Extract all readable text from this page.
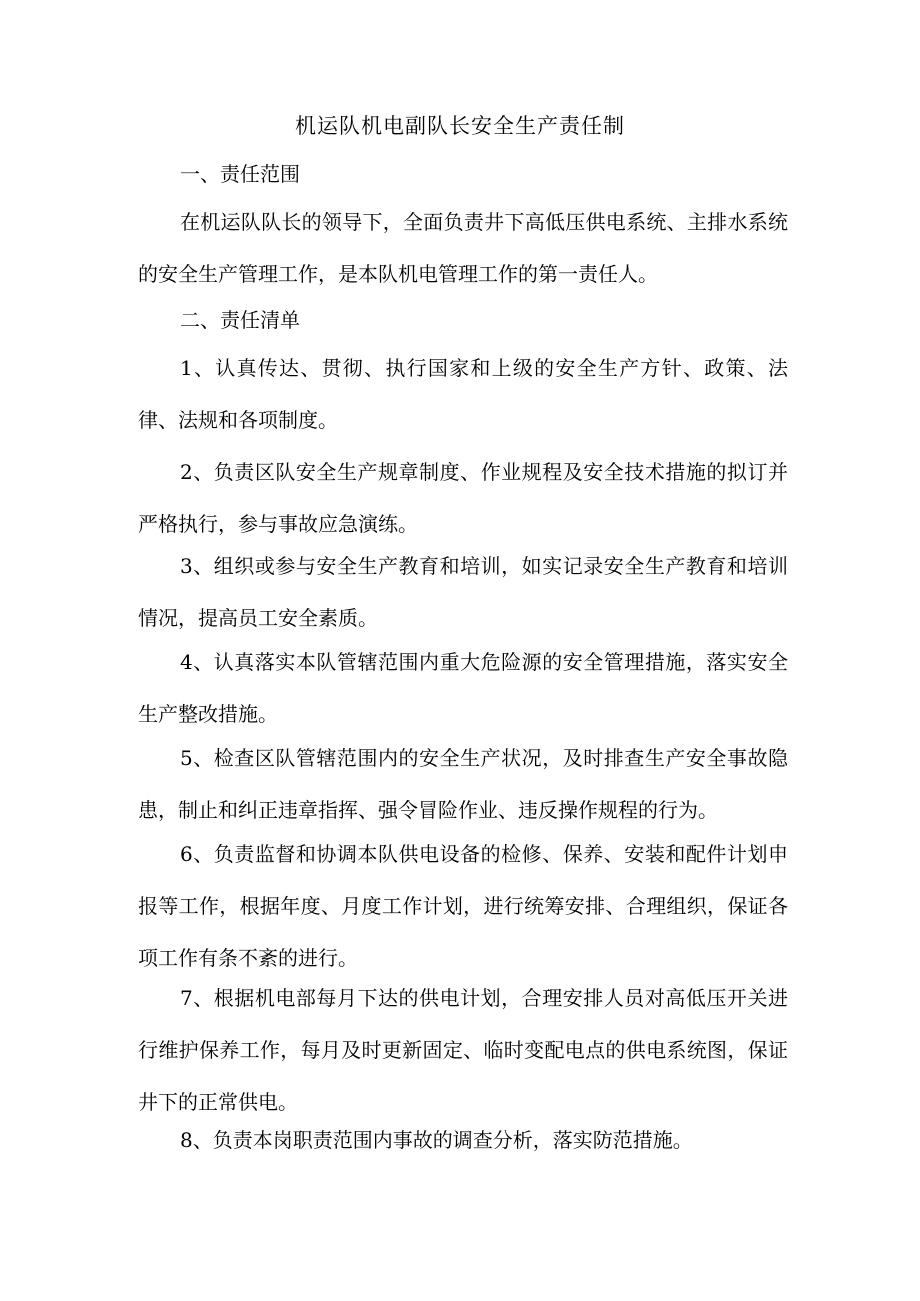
机运队机电副队长安全生产责任制
一、责任范围
在机运队队长的领导下，全面负责井下高低压供电系统、主排水系统的安全生产管理工作，是本队机电管理工作的第一责任人。
二、责任清单
1、认真传达、贯彻、执行国家和上级的安全生产方针、政策、法律、法规和各项制度。
2、负责区队安全生产规章制度、作业规程及安全技术措施的拟订并严格执行，参与事故应急演练。
3、组织或参与安全生产教育和培训，如实记录安全生产教育和培训情况，提高员工安全素质。
4、认真落实本队管辖范围内重大危险源的安全管理措施，落实安全生产整改措施。
5、检查区队管辖范围内的安全生产状况，及时排查生产安全事故隐患，制止和纠正违章指挥、强令冒险作业、违反操作规程的行为。
6、负责监督和协调本队供电设备的检修、保养、安装和配件计划申报等工作，根据年度、月度工作计划，进行统筹安排、合理组织，保证各项工作有条不紊的进行。
7、根据机电部每月下达的供电计划，合理安排人员对高低压开关进行维护保养工作，每月及时更新固定、临时变配电点的供电系统图，保证井下的正常供电。
8、负责本岗职责范围内事故的调查分析，落实防范措施。
